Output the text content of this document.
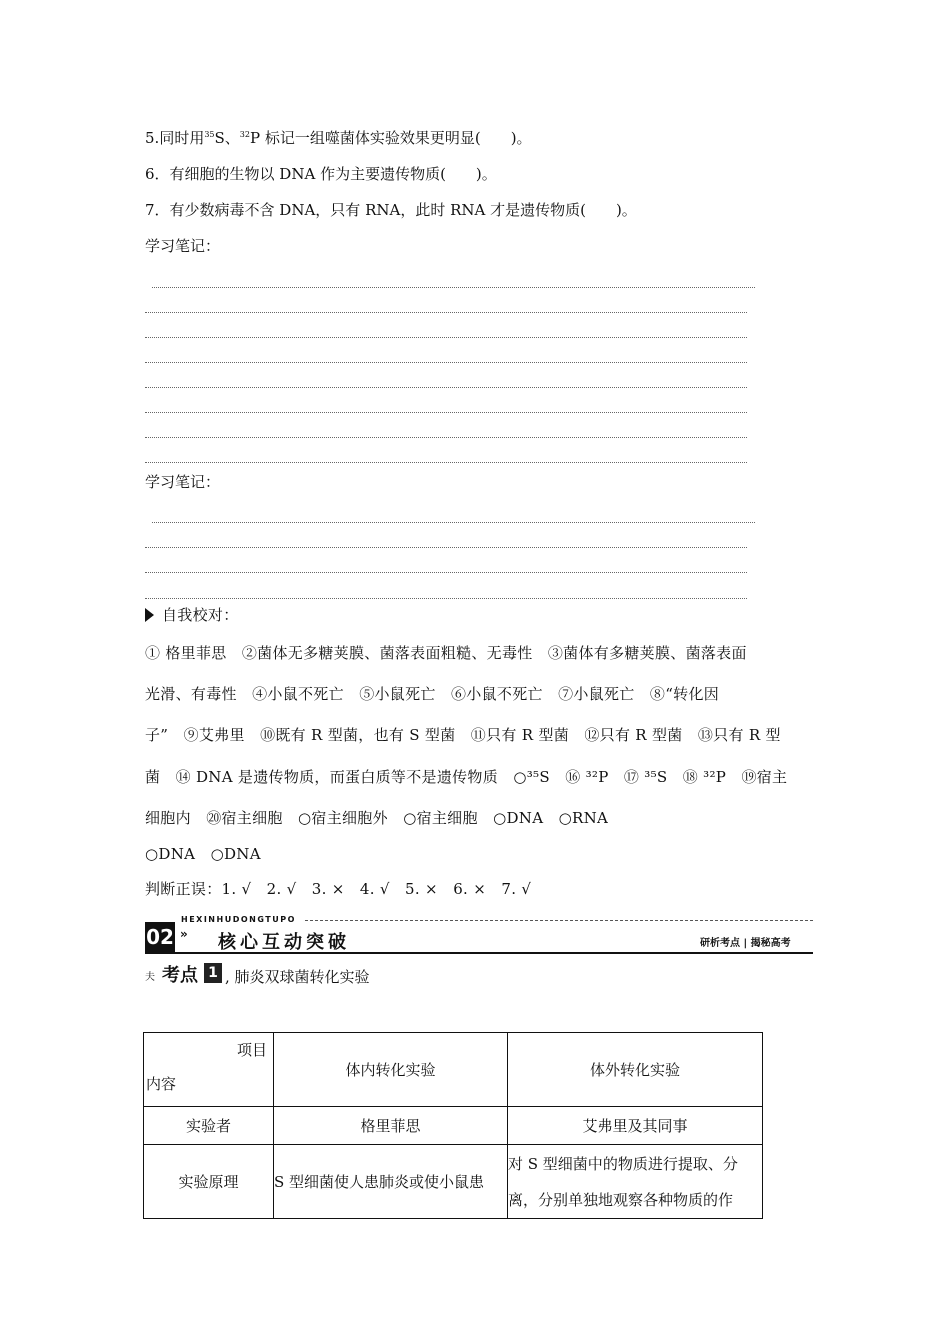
5.同时用$^{35}$S、$^{32}$P 标记一组噬菌体实验效果更明显(　　)。
6．有细胞的生物以 DNA 作为主要遗传物质(　　)。
7．有少数病毒不含 DNA，只有 RNA，此时 RNA 才是遗传物质(　　)。
学习笔记：
学习笔记：
自我校对：
① 格里菲思　②菌体无多糖荚膜、菌落表面粗糙、无毒性　③菌体有多糖荚膜、菌落表面
光滑、有毒性　④小鼠不死亡　⑤小鼠死亡　⑥小鼠不死亡　⑦小鼠死亡　⑧“转化因
子”　⑨艾弗里　⑩既有 R 型菌，也有 S 型菌　⑪只有 R 型菌　⑫只有 R 型菌　⑬只有 R 型
菌　⑭ DNA 是遗传物质，而蛋白质等不是遗传物质　○³⁵S　⑯ ³²P　⑰ ³⁵S　⑱ ³²P　⑲宿主
细胞内　⑳宿主细胞　○宿主细胞外　○宿主细胞　○DNA　○RNA
○DNA　○DNA
判断正误：1. √　2. √　3. ×　4. √　5. ×　6. ×　7. √
HEXINHUDONGTUPO
02 » 核心互动突破	研析考点 | 揭秘高考
夫 考点 1 , 肺炎双球菌转化实验
项目
内容	体内转化实验	体外转化实验
实验者	格里菲思	艾弗里及其同事
实验原理	S 型细菌使人患肺炎或使小鼠患	对 S 型细菌中的物质进行提取、分
离，分别单独地观察各种物质的作
